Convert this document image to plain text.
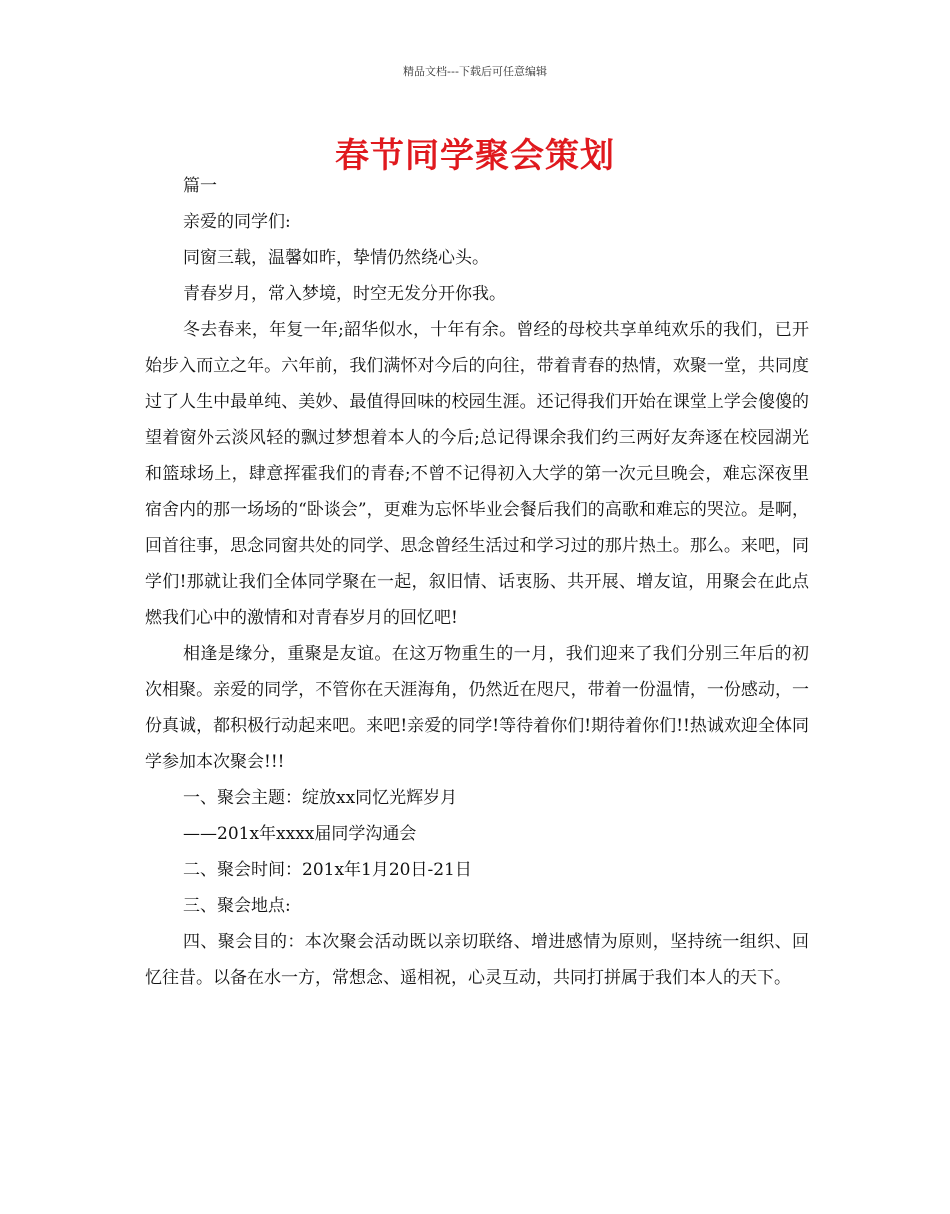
精品文档---下载后可任意编辑
春节同学聚会策划

篇一

亲爱的同学们:

同窗三载，温馨如昨，挚情仍然绕心头。

青春岁月，常入梦境，时空无发分开你我。

冬去春来，年复一年;韶华似水，十年有余。曾经的母校共享单纯欢乐的我们，已开始步入而立之年。六年前，我们满怀对今后的向往，带着青春的热情，欢聚一堂，共同度过了人生中最单纯、美妙、最值得回味的校园生涯。还记得我们开始在课堂上学会傻傻的望着窗外云淡风轻的飘过梦想着本人的今后;总记得课余我们约三两好友奔逐在校园湖光和篮球场上，肆意挥霍我们的青春;不曾不记得初入大学的第一次元旦晚会，难忘深夜里宿舍内的那一场场的“卧谈会”，更难为忘怀毕业会餐后我们的高歌和难忘的哭泣。是啊，回首往事，思念同窗共处的同学、思念曾经生活过和学习过的那片热土。那么。来吧，同学们!那就让我们全体同学聚在一起，叙旧情、话衷肠、共开展、增友谊，用聚会在此点燃我们心中的激情和对青春岁月的回忆吧!

相逢是缘分，重聚是友谊。在这万物重生的一月，我们迎来了我们分别三年后的初次相聚。亲爱的同学，不管你在天涯海角，仍然近在咫尺，带着一份温情，一份感动，一份真诚，都积极行动起来吧。来吧!亲爱的同学!等待着你们!期待着你们!!热诚欢迎全体同学参加本次聚会!!!

一、聚会主题：绽放xx同忆光辉岁月

——201x年xxxx届同学沟通会

二、聚会时间：201x年1月20日-21日

三、聚会地点:

四、聚会目的：本次聚会活动既以亲切联络、增进感情为原则，坚持统一组织、回忆往昔。以备在水一方，常想念、遥相祝，心灵互动，共同打拼属于我们本人的天下。
